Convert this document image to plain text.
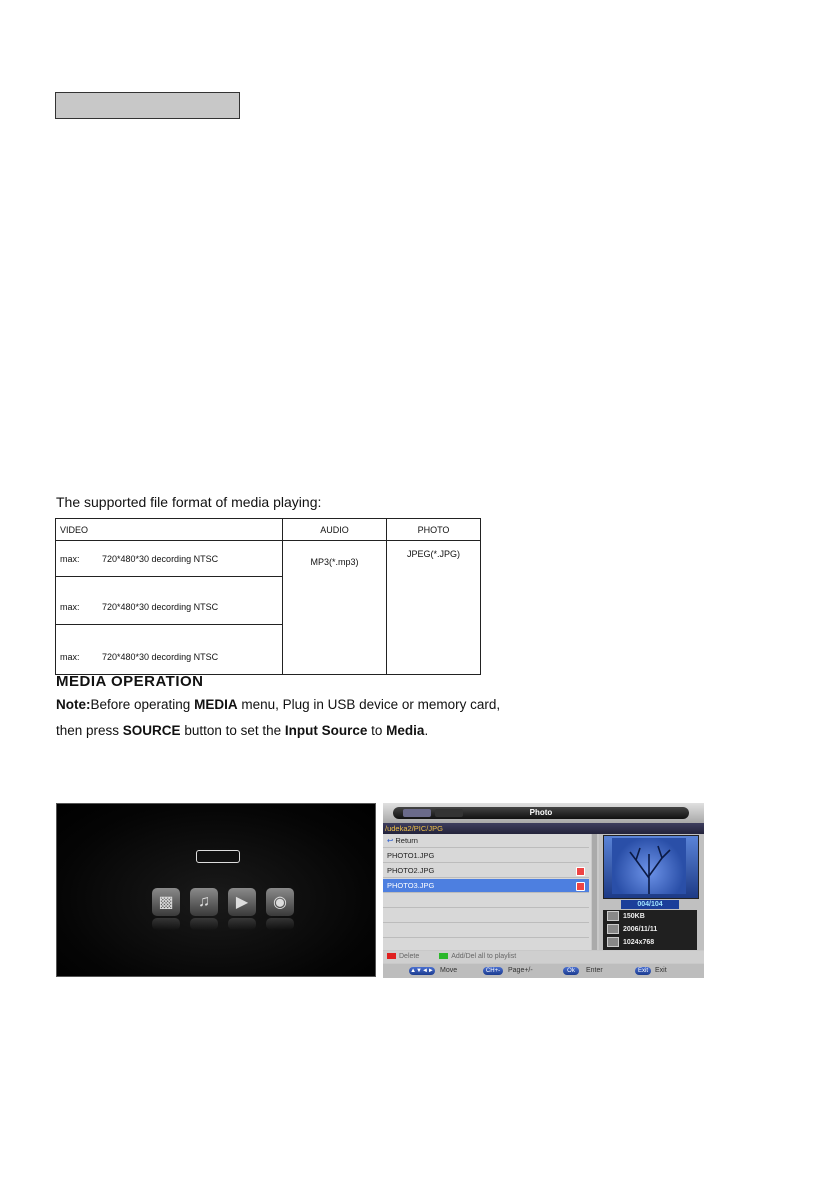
The supported file format of media playing:
VIDEO	AUDIO	PHOTO
max: 720*480*30 decording NTSC	MP3(*.mp3)	JPEG(*.JPG)
max: 720*480*30 decording NTSC		
max: 720*480*30 decording NTSC		
MEDIA OPERATION
Note:Before operating MEDIA menu, Plug in USB device or memory card,
then press SOURCE button to set the Input Source to Media.
▩	♫	▶	◉
Photo
/udeka2/PIC/JPG
↩ Return
PHOTO1.JPG
PHOTO2.JPG
PHOTO3.JPG
004/104
150KB
2006/11/11
1024x768
Delete	Add/Del all to playlist
▲▼◄► Move	CH+-	Page+/-	Ok	Enter	Exit	Exit
